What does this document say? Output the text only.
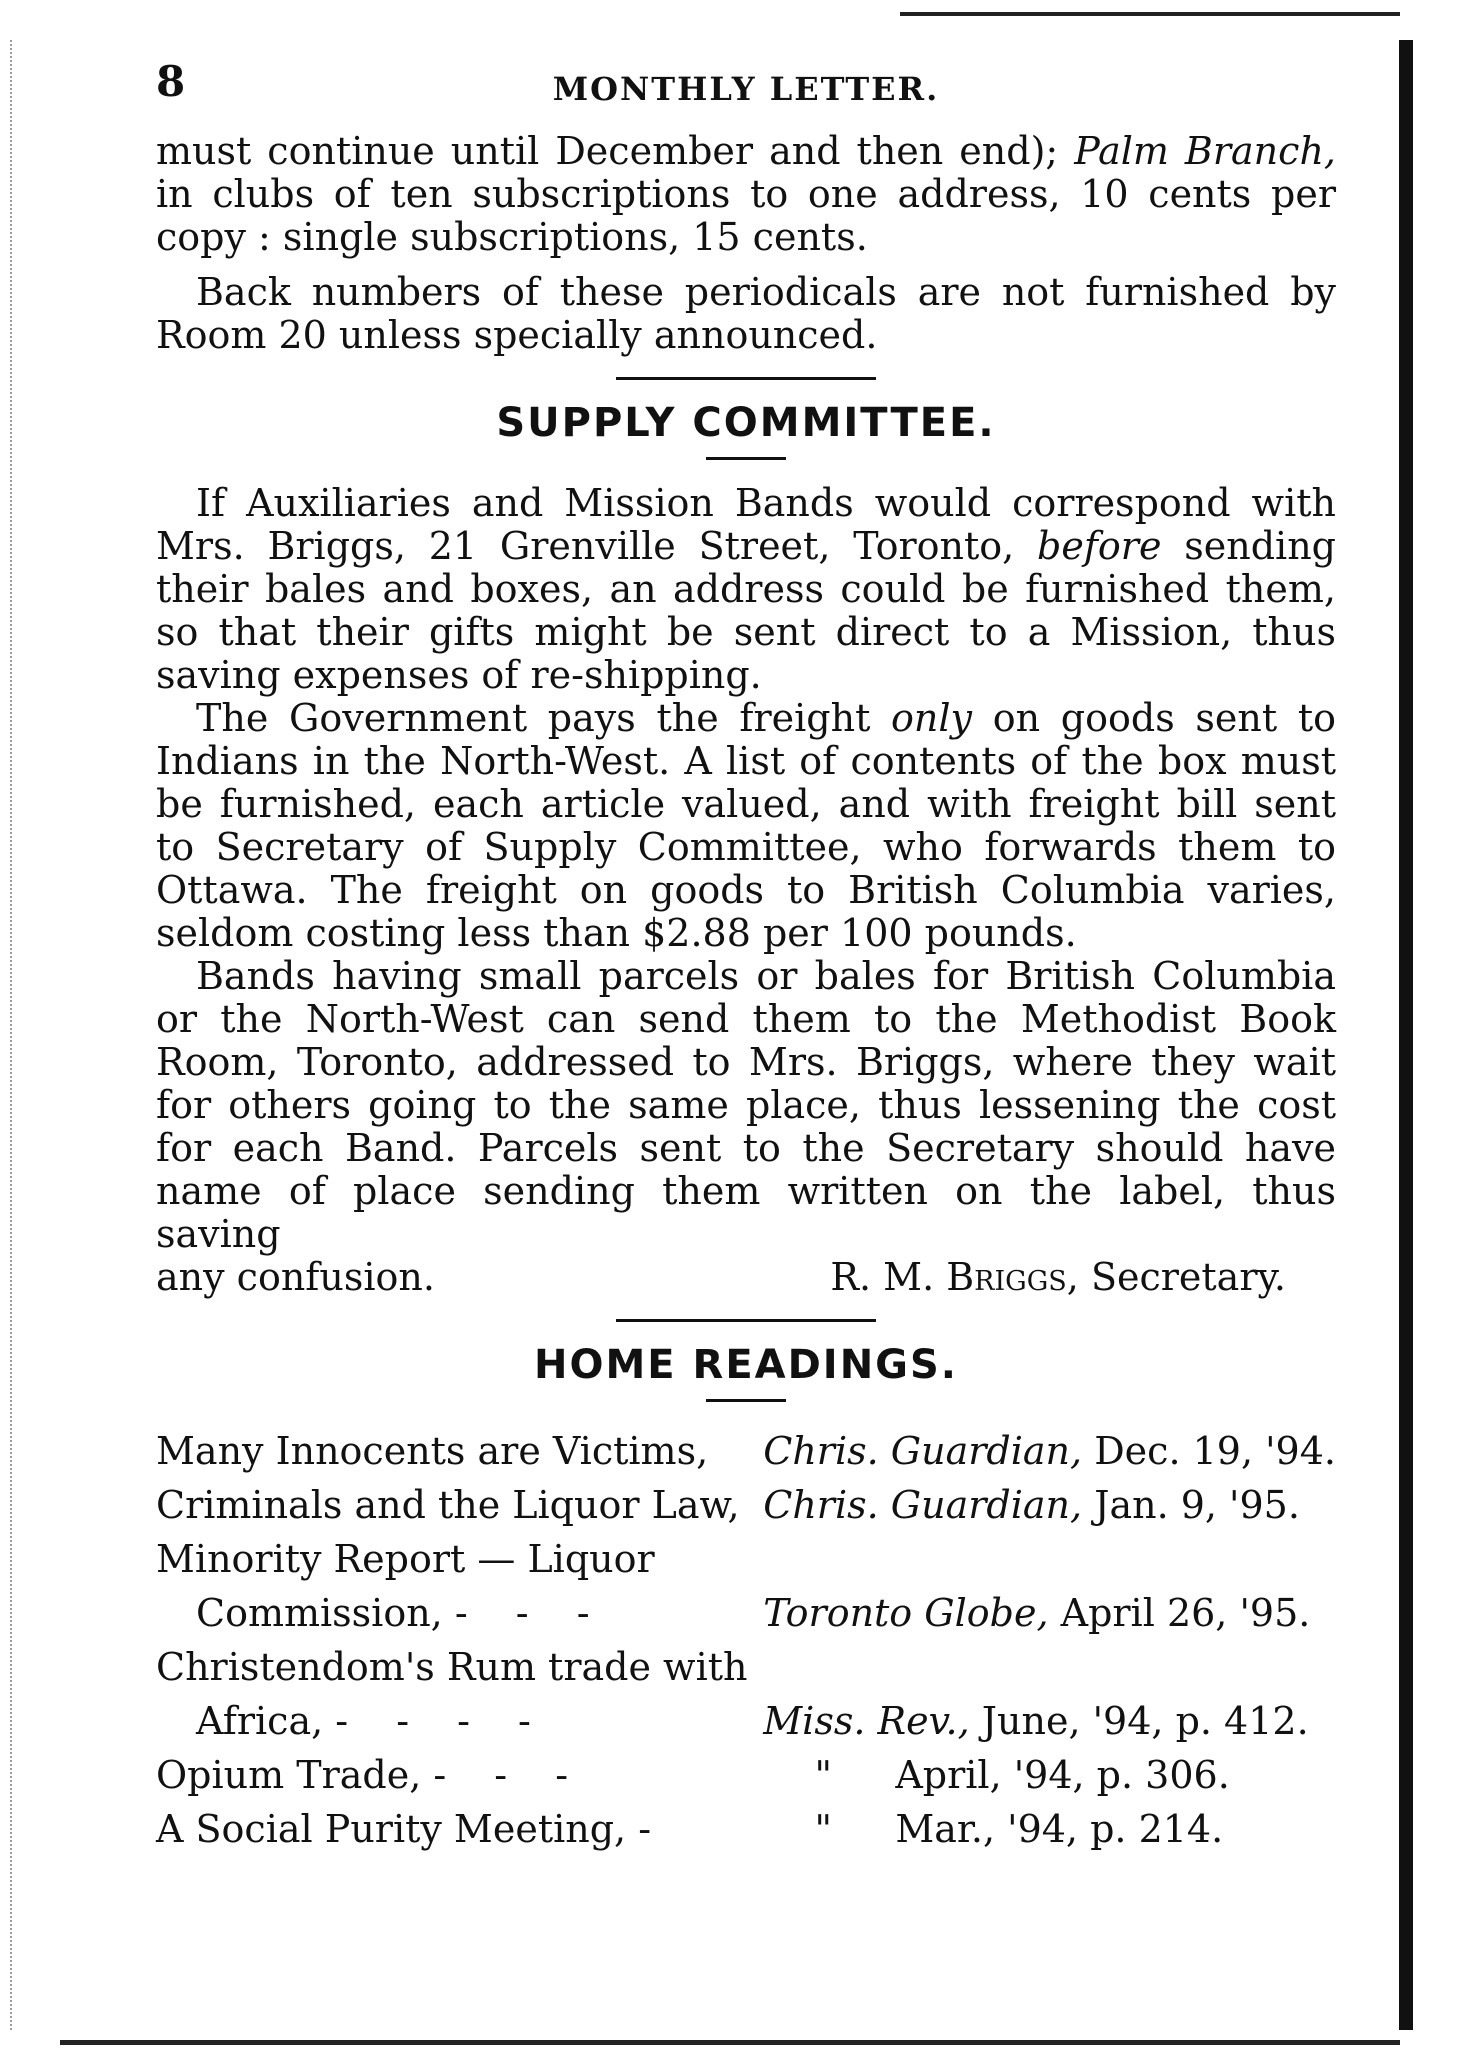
8	MONTHLY LETTER.

must continue until December and then end); Palm Branch, in clubs of ten subscriptions to one address, 10 cents per copy : single subscriptions, 15 cents.

Back numbers of these periodicals are not furnished by Room 20 unless specially announced.

SUPPLY COMMITTEE.

If Auxiliaries and Mission Bands would correspond with Mrs. Briggs, 21 Grenville Street, Toronto, before sending their bales and boxes, an address could be furnished them, so that their gifts might be sent direct to a Mission, thus saving expenses of re-shipping.

The Government pays the freight only on goods sent to Indians in the North-West. A list of contents of the box must be furnished, each article valued, and with freight bill sent to Secretary of Supply Committee, who forwards them to Ottawa. The freight on goods to British Columbia varies, seldom costing less than $2.88 per 100 pounds.

Bands having small parcels or bales for British Columbia or the North-West can send them to the Methodist Book Room, Toronto, addressed to Mrs. Briggs, where they wait for others going to the same place, thus lessening the cost for each Band. Parcels sent to the Secretary should have name of place sending them written on the label, thus saving

any confusion.	R. M. Briggs, Secretary.
HOME READINGS.
Many Innocents are Victims,	Chris. Guardian, Dec. 19, '94.
Criminals and the Liquor Law,	Chris. Guardian, Jan. 9, '95.
Minority Report — Liquor	
Commission, - - -	Toronto Globe, April 26, '95.
Christendom's Rum trade with	
Africa, - - - -	Miss. Rev., June, '94, p. 412.
Opium Trade, - - -	" April, '94, p. 306.
A Social Purity Meeting, -	" Mar., '94, p. 214.
